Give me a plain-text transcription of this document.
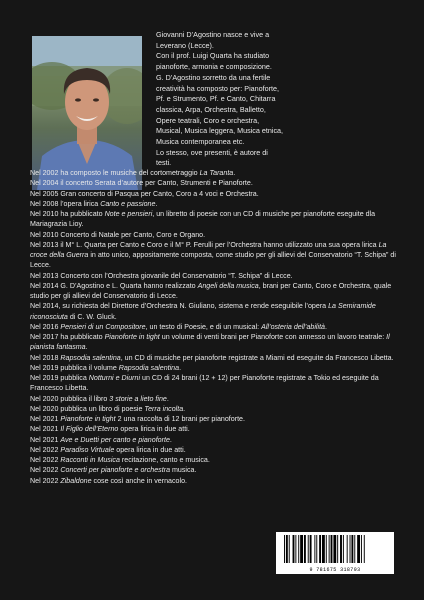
Giovanni D’Agostino nasce e vive a Leverano (Lecce).

Con il prof. Luigi Quarta ha studiato pianoforte, armonia e composizione.

G. D’Agostino sorretto da una fertile creatività ha composto per: Pianoforte, Pf. e Strumento, Pf. e Canto, Chitarra classica, Arpa, Orchestra, Balletto, Opere teatrali, Coro e orchestra, Musical, Musica leggera, Musica etnica, Musica contemporanea etc.

Lo stesso, ove presenti, è autore di testi.

Nel 2002 ha composto le musiche del cortometraggio La Taranta.

Nel 2004 il concerto Serata d’autore per Canto, Strumenti e Pianoforte.

Nel 2005 Gran concerto di Pasqua per Canto, Coro a 4 voci e Orchestra.

Nel 2008 l’opera lirica Canto e passione.

Nel 2010 ha pubblicato Note e pensieri, un libretto di poesie con un CD di musiche per pianoforte eseguite dla Mariagrazia Lioy.

Nel 2010 Concerto di Natale per Canto, Coro e Organo.

Nel 2013 il M° L. Quarta per Canto e Coro e il M° P. Ferulli per l’Orchestra hanno utilizzato una sua opera lirica La croce della Guerra in atto unico, appositamente composta, come studio per gli allievi del Conservatorio “T. Schipa” di Lecce.

Nel 2013 Concerto con l’Orchestra giovanile del Conservatorio “T. Schipa” di Lecce.

Nel 2014 G. D’Agostino e L. Quarta hanno realizzato Angeli della musica, brani per Canto, Coro e Orchestra, quale studio per gli allievi del Conservatorio di Lecce.

Nel 2014, su richiesta del Direttore d’Orchestra N. Giuliano, sistema e rende eseguibile l’opera La Semiramide riconosciuta di C. W. Gluck.

Nel 2016 Pensieri di un Compositore, un testo di Poesie, e di un musical: All’osteria dell’abilità.

Nel 2017 ha pubblicato Pianoforte in tight un volume di venti brani per Pianoforte con annesso un lavoro teatrale: Il pianista fantasma.

Nel 2018 Rapsodia salentina, un CD di musiche per pianoforte registrate a Miami ed eseguite da Francesco Libetta.

Nel 2019 pubblica il volume Rapsodia salentina.

Nel 2019 pubblica Notturni e Diurni un CD di 24 brani (12 + 12) per Pianoforte registrate a Tokio ed eseguite da Francesco Libetta.

Nel 2020 pubblica il libro 3 storie a lieto fine.

Nel 2020 pubblica un libro di poesie Terra incolta.

Nel 2021 Pianoforte in tight 2 una raccolta di 12 brani per pianoforte.

Nel 2021 Il Figlio dell’Eterno opera lirica in due atti.

Nel 2021 Ave e Duetti per canto e pianoforte.

Nel 2022 Paradiso Virtuale opera lirica in due atti.

Nel 2022 Racconti in Musica recitazione, canto e musica.

Nel 2022 Concerti per pianoforte e orchestra musica.

Nel 2022 Zibaldone cose così anche in vernacolo.

9 781675 318793
